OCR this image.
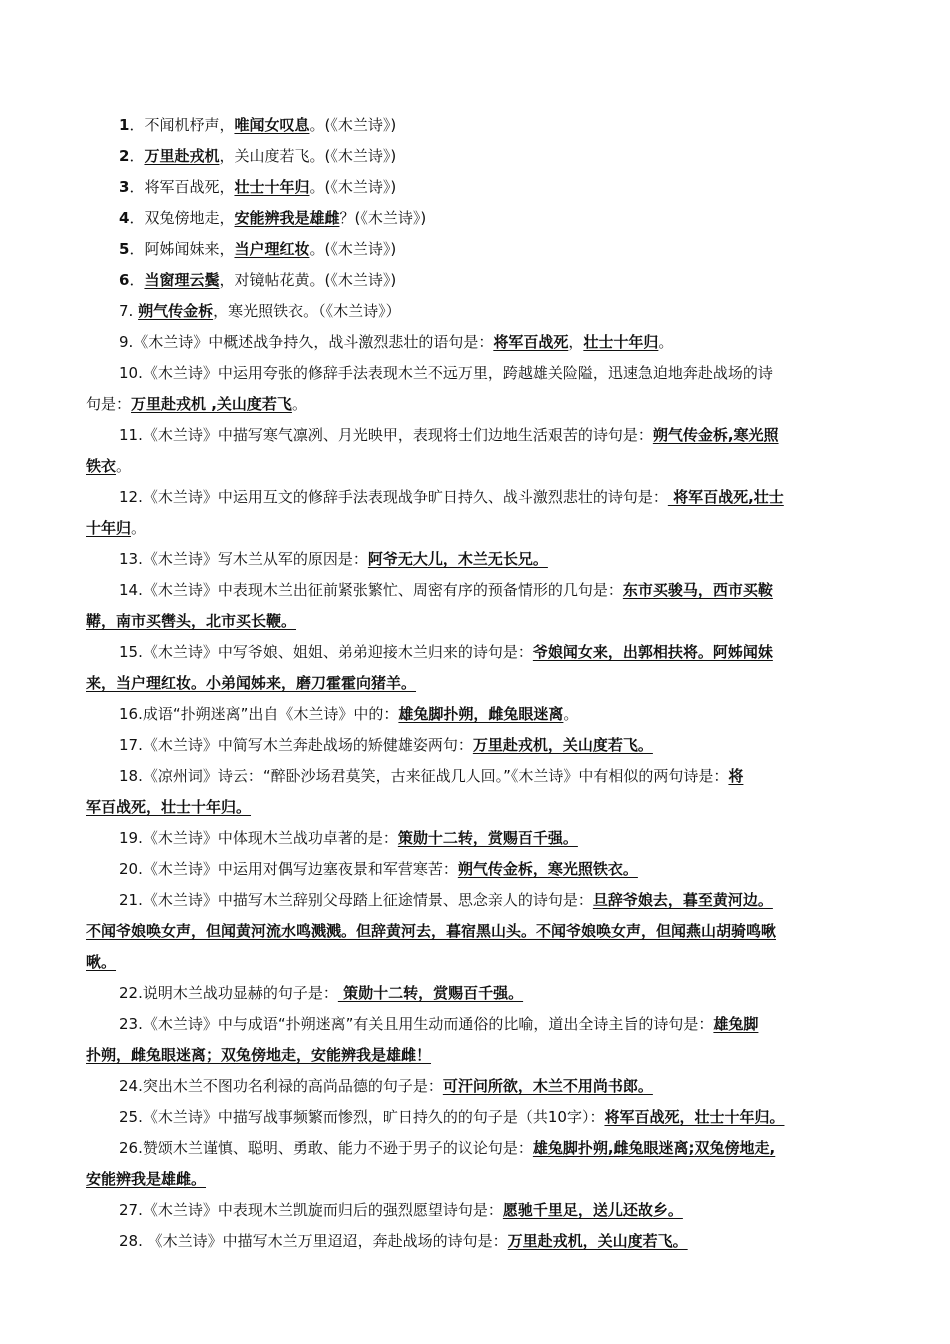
1．不闻机杼声，唯闻女叹息。(《木兰诗》)

2．万里赴戎机，关山度若飞。(《木兰诗》)

3．将军百战死，壮士十年归。(《木兰诗》)

4．双兔傍地走，安能辨我是雄雌？(《木兰诗》)

5．阿姊闻妹来，当户理红妆。(《木兰诗》)

6．当窗理云鬓，对镜帖花黄。(《木兰诗》)

7. 朔气传金柝，寒光照铁衣。（《木兰诗》）

9.《木兰诗》中概述战争持久，战斗激烈悲壮的语句是：将军百战死，壮士十年归。

10.《木兰诗》中运用夸张的修辞手法表现木兰不远万里，跨越雄关险隘，迅速急迫地奔赴战场的诗

句是：万里赴戎机 ,关山度若飞。

11.《木兰诗》中描写寒气凛冽、月光映甲，表现将士们边地生活艰苦的诗句是：朔气传金柝,寒光照

铁衣。

12.《木兰诗》中运用互文的修辞手法表现战争旷日持久、战斗激烈悲壮的诗句是： 将军百战死,壮士

十年归。

13.《木兰诗》写木兰从军的原因是：阿爷无大儿，木兰无长兄。

14.《木兰诗》中表现木兰出征前紧张繁忙、周密有序的预备情形的几句是：东市买骏马，西市买鞍

鞯，南市买辔头，北市买长鞭。

15.《木兰诗》中写爷娘、姐姐、弟弟迎接木兰归来的诗句是：爷娘闻女来，出郭相扶将。阿姊闻妹

来，当户理红妆。小弟闻姊来，磨刀霍霍向猪羊。

16.成语“扑朔迷离”出自《木兰诗》中的：雄兔脚扑朔，雌兔眼迷离。

17.《木兰诗》中简写木兰奔赴战场的矫健雄姿两句：万里赴戎机，关山度若飞。

18.《凉州词》诗云：“醉卧沙场君莫笑，古来征战几人回。”《木兰诗》中有相似的两句诗是：将

军百战死，壮士十年归。

19.《木兰诗》中体现木兰战功卓著的是：策勋十二转，赏赐百千强。

20.《木兰诗》中运用对偶写边塞夜景和军营寒苦：朔气传金柝，寒光照铁衣。

21.《木兰诗》中描写木兰辞别父母踏上征途情景、思念亲人的诗句是：旦辞爷娘去，暮至黄河边。

不闻爷娘唤女声，但闻黄河流水鸣溅溅。但辞黄河去，暮宿黑山头。不闻爷娘唤女声，但闻燕山胡骑鸣啾

啾。

22.说明木兰战功显赫的句子是： 策勋十二转，赏赐百千强。

23.《木兰诗》中与成语“扑朔迷离”有关且用生动而通俗的比喻，道出全诗主旨的诗句是：雄兔脚

扑朔，雌兔眼迷离；双兔傍地走，安能辨我是雄雌！

24.突出木兰不图功名利禄的高尚品德的句子是：可汗问所欲，木兰不用尚书郎。

25.《木兰诗》中描写战事频繁而惨烈，旷日持久的的句子是（共10字）：将军百战死，壮士十年归。

26.赞颂木兰谨慎、聪明、勇敢、能力不逊于男子的议论句是：雄兔脚扑朔,雌兔眼迷离;双兔傍地走,

安能辨我是雄雌。

27.《木兰诗》中表现木兰凯旋而归后的强烈愿望诗句是：愿驰千里足，送儿还故乡。

28. 《木兰诗》中描写木兰万里迢迢，奔赴战场的诗句是：万里赴戎机，关山度若飞。
